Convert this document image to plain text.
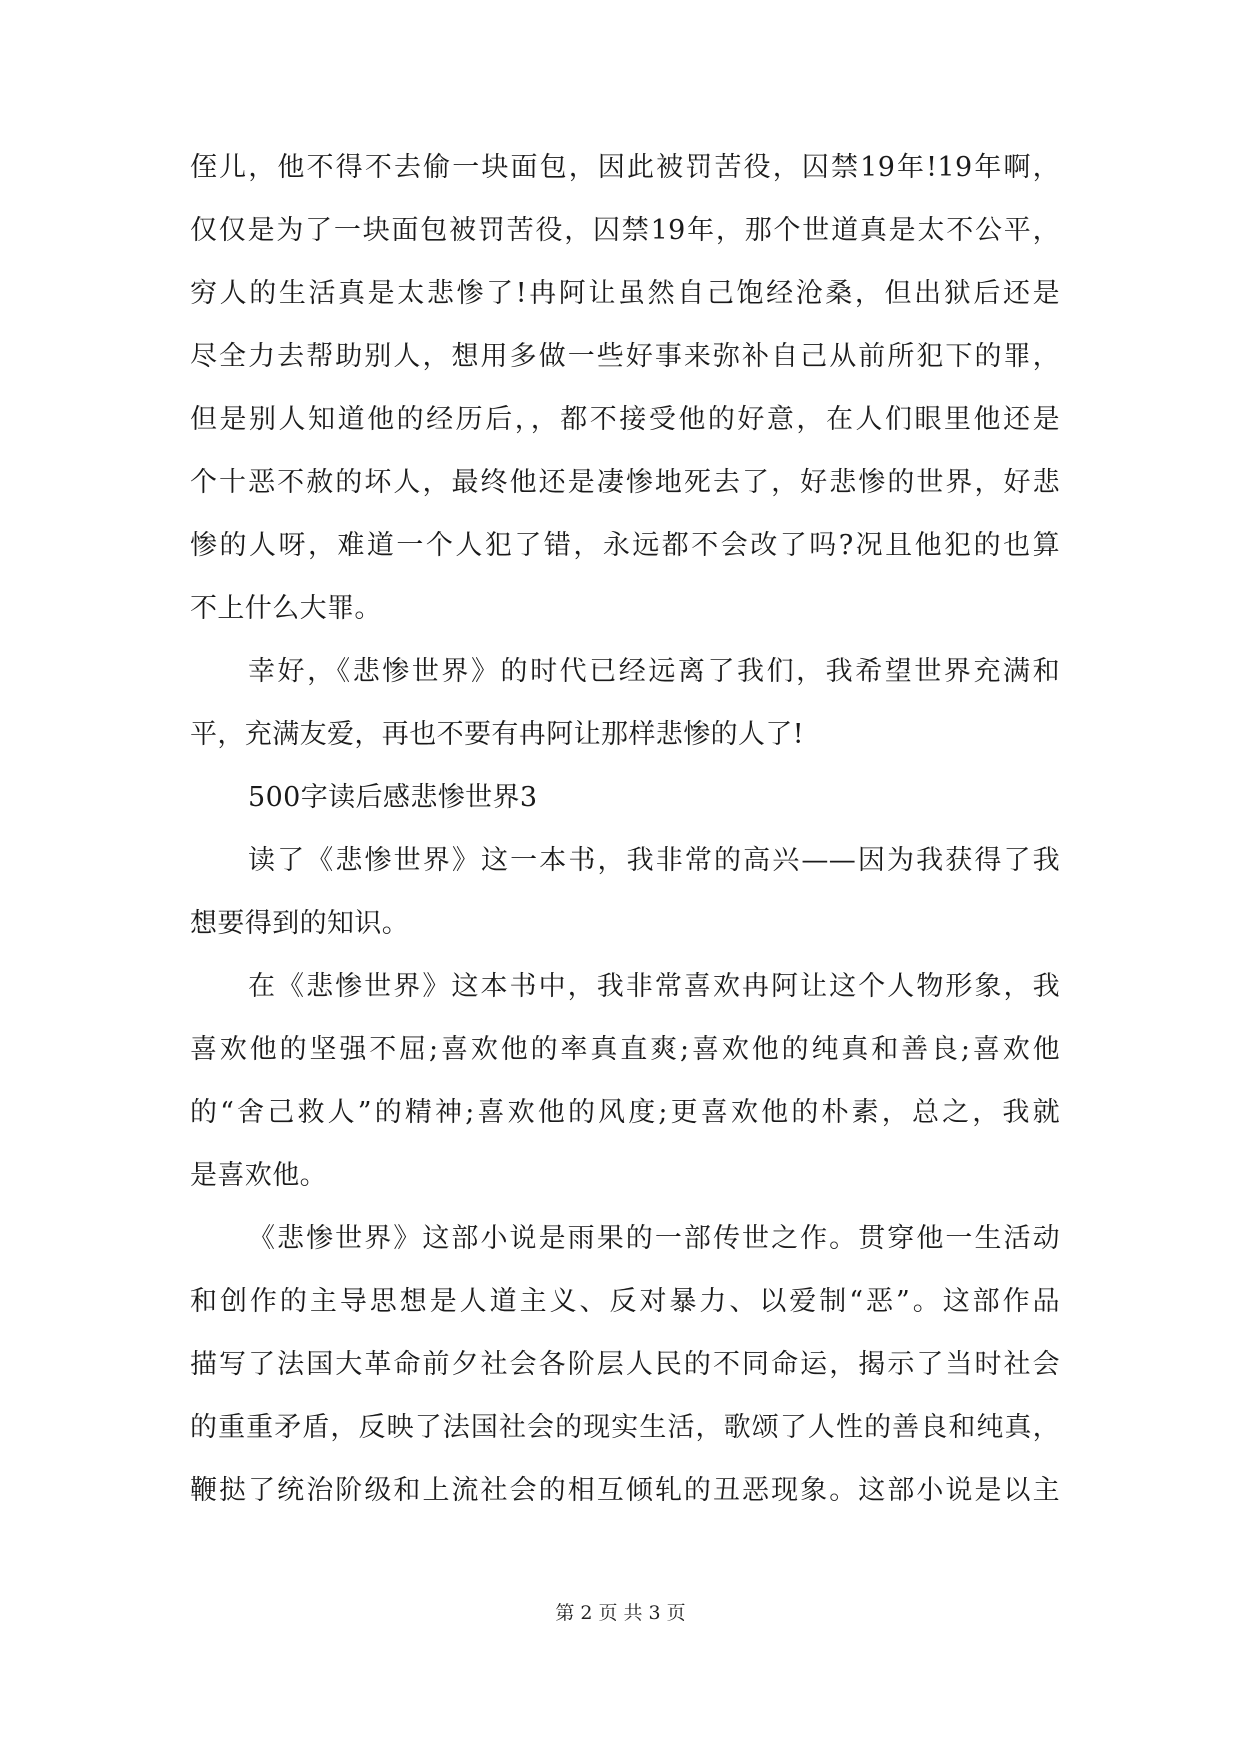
侄儿，他不得不去偷一块面包，因此被罚苦役，囚禁19年!19年啊，
仅仅是为了一块面包被罚苦役，囚禁19年，那个世道真是太不公平，
穷人的生活真是太悲惨了!冉阿让虽然自己饱经沧桑，但出狱后还是
尽全力去帮助别人，想用多做一些好事来弥补自己从前所犯下的罪，
但是别人知道他的经历后，，都不接受他的好意，在人们眼里他还是
个十恶不赦的坏人，最终他还是凄惨地死去了，好悲惨的世界，好悲
惨的人呀，难道一个人犯了错，永远都不会改了吗?况且他犯的也算
不上什么大罪。
幸好，《悲惨世界》的时代已经远离了我们，我希望世界充满和
平，充满友爱，再也不要有冉阿让那样悲惨的人了!
500字读后感悲惨世界3
读了《悲惨世界》这一本书，我非常的高兴——因为我获得了我
想要得到的知识。
在《悲惨世界》这本书中，我非常喜欢冉阿让这个人物形象，我
喜欢他的坚强不屈;喜欢他的率真直爽;喜欢他的纯真和善良;喜欢他
的“舍己救人”的精神;喜欢他的风度;更喜欢他的朴素，总之，我就
是喜欢他。
《悲惨世界》这部小说是雨果的一部传世之作。贯穿他一生活动
和创作的主导思想是人道主义、反对暴力、以爱制“恶”。这部作品
描写了法国大革命前夕社会各阶层人民的不同命运，揭示了当时社会
的重重矛盾，反映了法国社会的现实生活，歌颂了人性的善良和纯真，
鞭挞了统治阶级和上流社会的相互倾轧的丑恶现象。这部小说是以主
第 2 页 共 3 页
